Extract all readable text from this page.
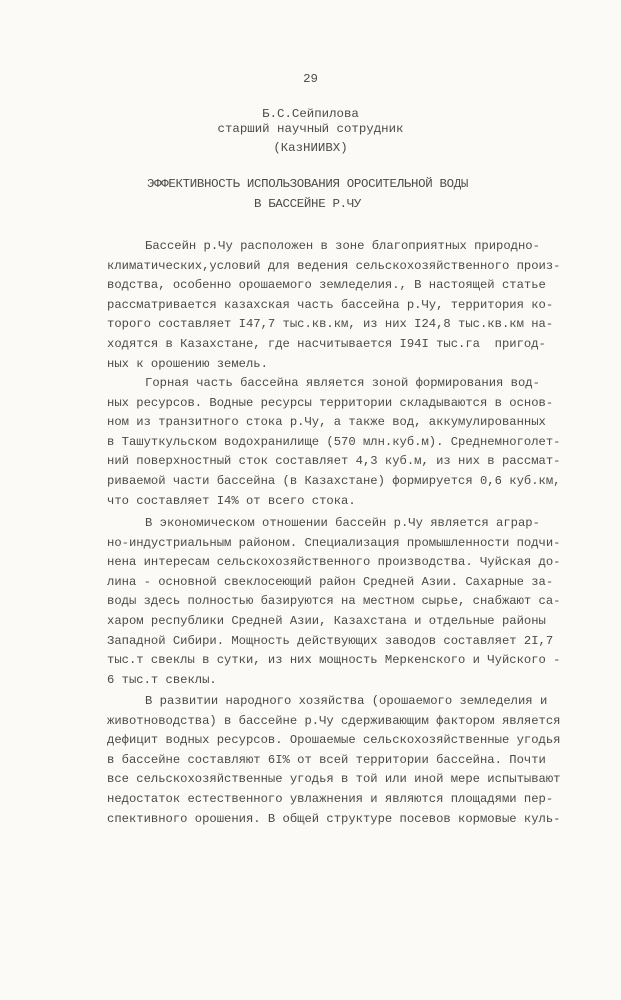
29
Б.С.Сейпилова
старший научный сотрудник
(КазНИИВХ)
ЭФФЕКТИВНОСТЬ ИСПОЛЬЗОВАНИЯ ОРОСИТЕЛЬНОЙ ВОДЫ
В БАССЕЙНЕ Р.ЧУ
Бассейн р.Чу расположен в зоне благоприятных природно-
климатических,условий для ведения сельскохозяйственного произ-
водства, особенно орошаемого земледелия., В настоящей статье
рассматривается казахская часть бассейна р.Чу, территория ко-
торого составляет I47,7 тыс.кв.км, из них I24,8 тыс.кв.км на-
ходятся в Казахстане, где насчитывается I94I тыс.га  пригод-
ных к орошению земель.
Горная часть бассейна является зоной формирования вод-
ных ресурсов. Водные ресурсы территории складываются в основ-
ном из транзитного стока р.Чу, а также вод, аккумулированных
в Ташуткульском водохранилище (570 млн.куб.м). Среднемноголет-
ний поверхностный сток составляет 4,3 куб.м, из них в рассмат-
риваемой части бассейна (в Казахстане) формируется 0,6 куб.км,
что составляет I4% от всего стока.
В экономическом отношении бассейн р.Чу является аграр-
но-индустриальным районом. Специализация промышленности подчи-
нена интересам сельскохозяйственного производства. Чуйская до-
лина - основной свеклосеющий район Средней Азии. Сахарные за-
воды здесь полностью базируются на местном сырье, снабжают са-
харом республики Средней Азии, Казахстана и отдельные районы
Западной Сибири. Мощность действующих заводов составляет 2I,7
тыс.т свеклы в сутки, из них мощность Меркенского и Чуйского -
6 тыс.т свеклы.
В развитии народного хозяйства (орошаемого земледелия и
животноводства) в бассейне р.Чу сдерживающим фактором является
дефицит водных ресурсов. Орошаемые сельскохозяйственные угодья
в бассейне составляют 6I% от всей территории бассейна. Почти
все сельскохозяйственные угодья в той или иной мере испытывают
недостаток естественного увлажнения и являются площадями пер-
спективного орошения. В общей структуре посевов кормовые куль-
